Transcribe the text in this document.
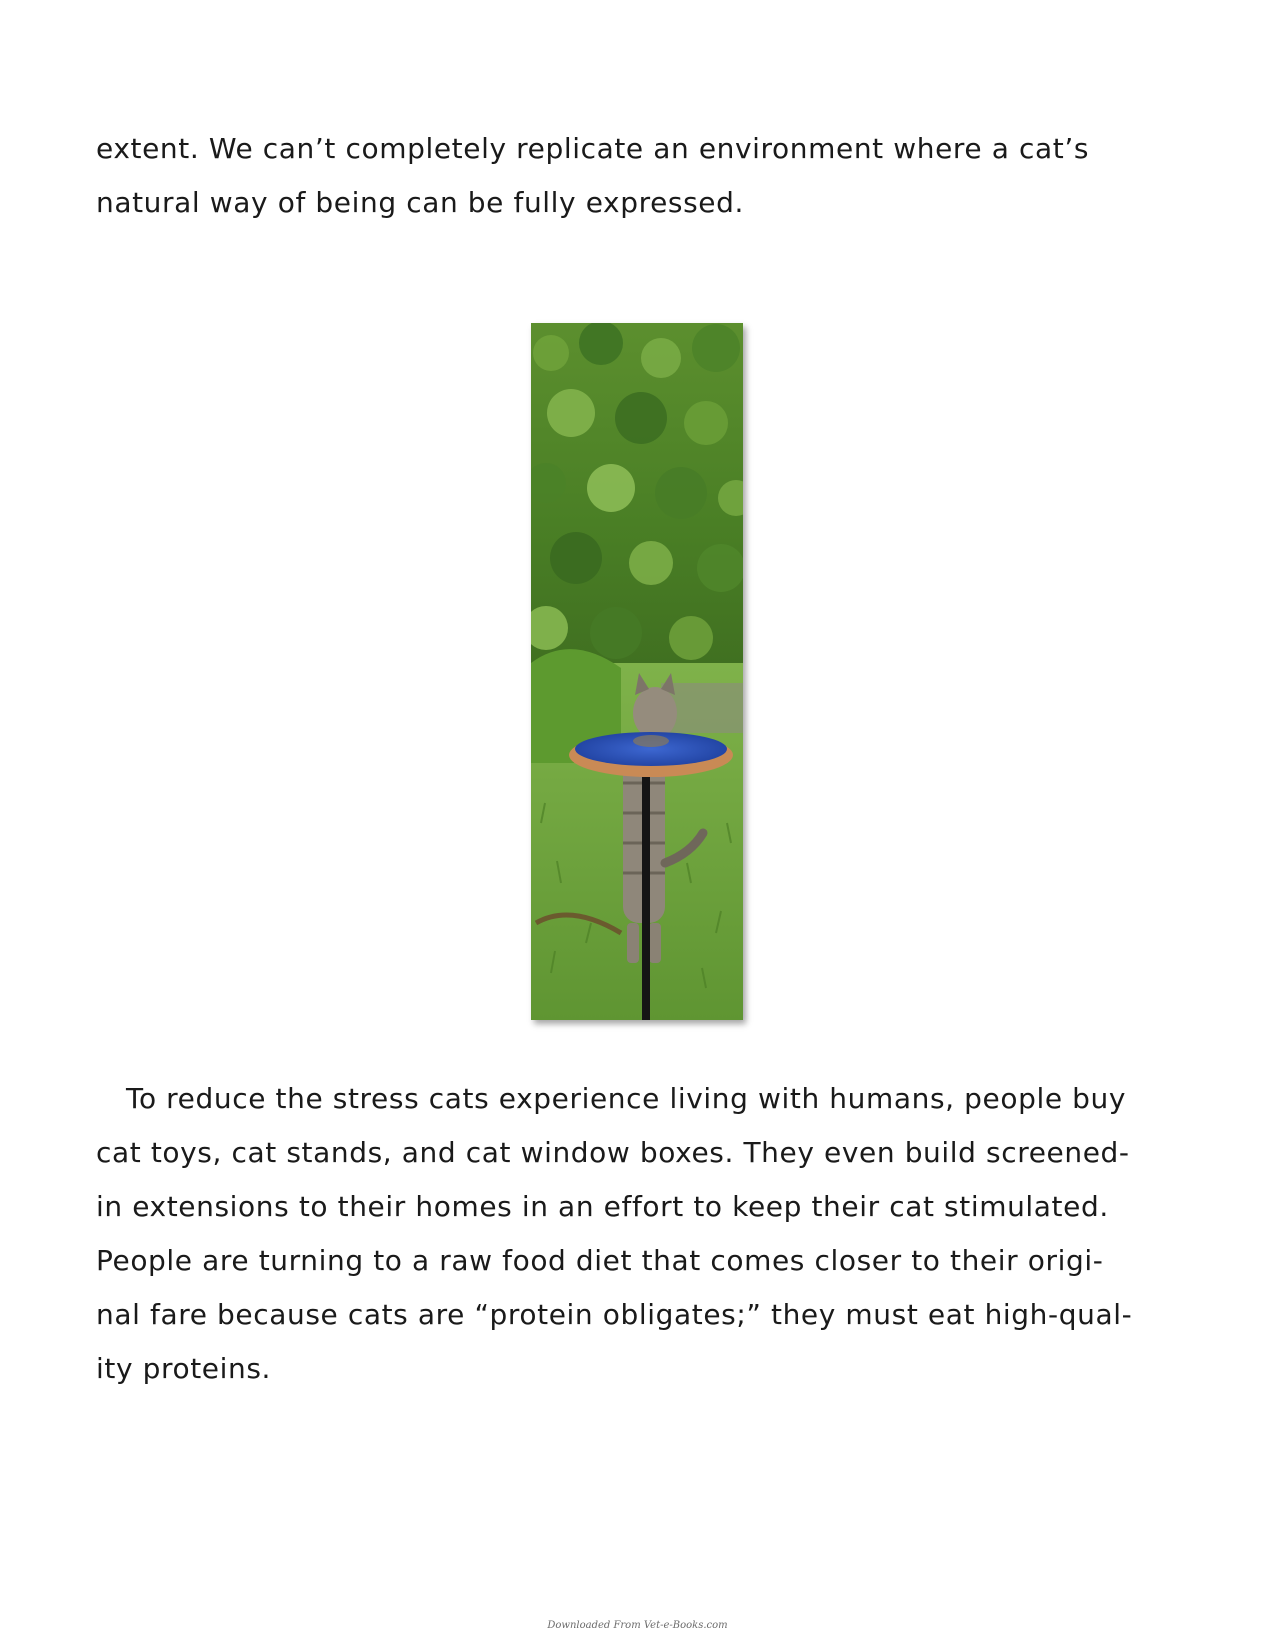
extent. We can’t completely replicate an environment where a cat’s
natural way of being can be fully expressed.
To reduce the stress cats experience living with humans, people buy
cat toys, cat stands, and cat window boxes. They even build screened-
in extensions to their homes in an effort to keep their cat stimulated.
People are turning to a raw food diet that comes closer to their origi-
nal fare because cats are “protein obligates;” they must eat high-qual-
ity proteins.
Downloaded From Vet-e-Books.com
